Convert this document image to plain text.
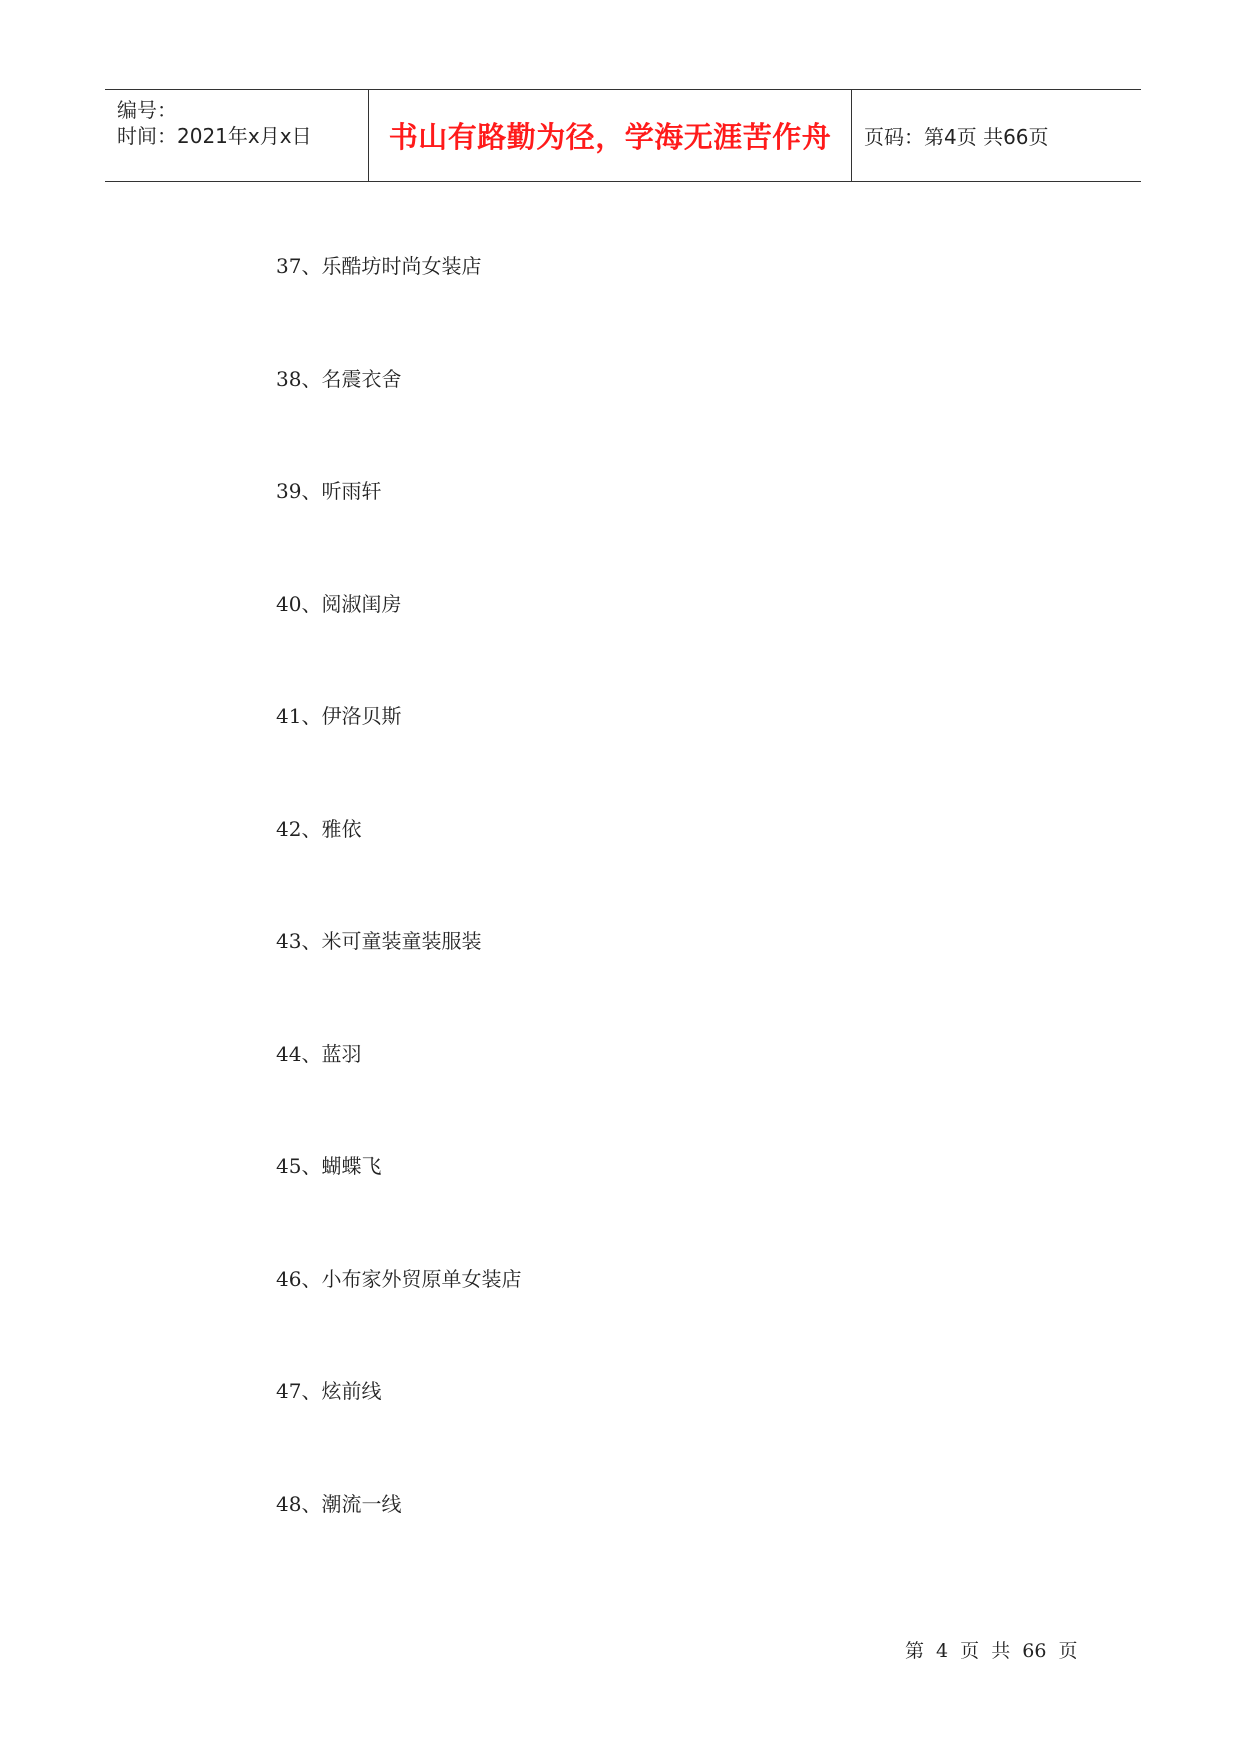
编号：
时间：2021年x月x日	书山有路勤为径，学海无涯苦作舟 页码：第4页 共66页
37、乐酷坊时尚女装店
38、名震衣舍
39、听雨轩
40、阅淑闺房
41、伊洛贝斯
42、雅依
43、米可童装童装服装
44、蓝羽
45、蝴蝶飞
46、小布家外贸原单女装店
47、炫前线
48、潮流一线
第 4 页 共 66 页
